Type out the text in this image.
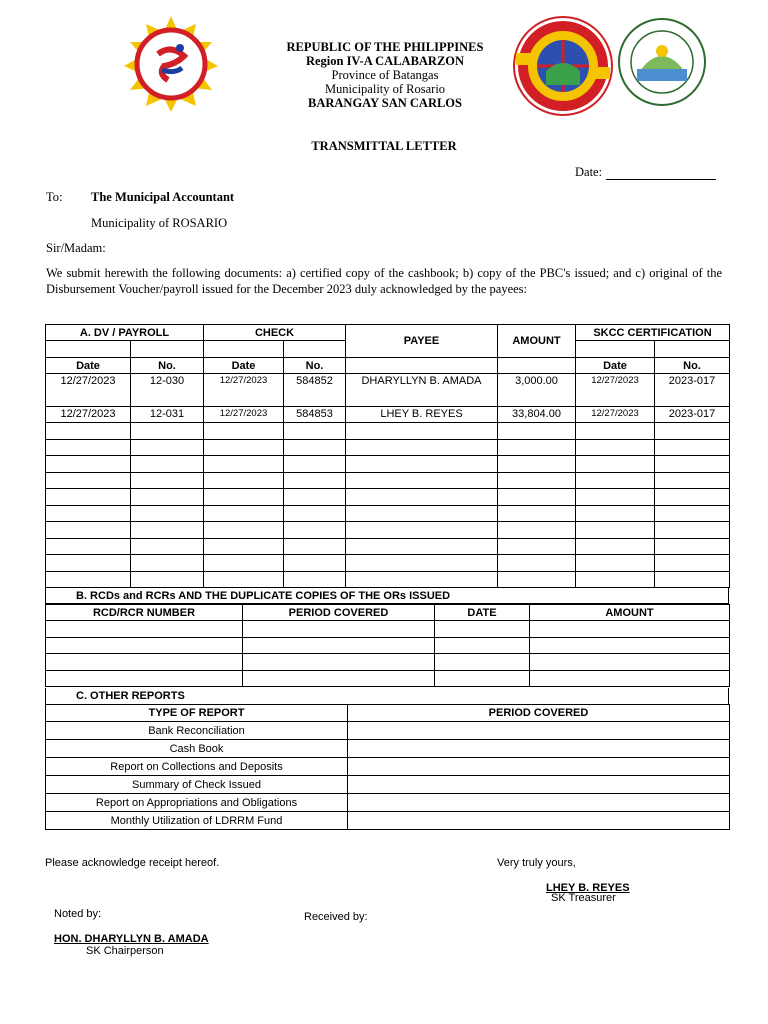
REPUBLIC OF THE PHILIPPINES
Region IV-A CALABARZON
Province of Batangas
Municipality of Rosario
BARANGAY SAN CARLOS
TRANSMITTAL LETTER
Date:
To: The Municipal Accountant
Municipality of ROSARIO
Sir/Madam:
We submit herewith the following documents: a) certified copy of the cashbook; b) copy of the PBC's issued; and c) original of the Disbursement Voucher/payroll issued for the December 2023 duly acknowledged by the payees:
A. DV / PAYROLL		CHECK		PAYEE	AMOUNT	SKCC CERTIFICATION	

Date	No.	Date	No.			Date	No.
12/27/2023	12-030	12/27/2023	584852	DHARYLLYN B. AMADA	3,000.00	12/27/2023	2023-017
12/27/2023	12-031	12/27/2023	584853	LHEY B. REYES	33,804.00	12/27/2023	2023-017

B. RCDs and RCRs AND THE DUPLICATE COPIES OF THE ORs ISSUED
RCD/RCR NUMBER	PERIOD COVERED	DATE	AMOUNT

C. OTHER REPORTS
TYPE OF REPORT	PERIOD COVERED
Bank Reconciliation	
Cash Book	
Report on Collections and Deposits	
Summary of Check Issued	
Report on Appropriations and Obligations	
Monthly Utilization of LDRRM Fund	
Please acknowledge receipt hereof.	Very truly yours,
LHEY B. REYES
SK Treasurer
Noted by:	Received by:
HON. DHARYLLYN B. AMADA
SK Chairperson
